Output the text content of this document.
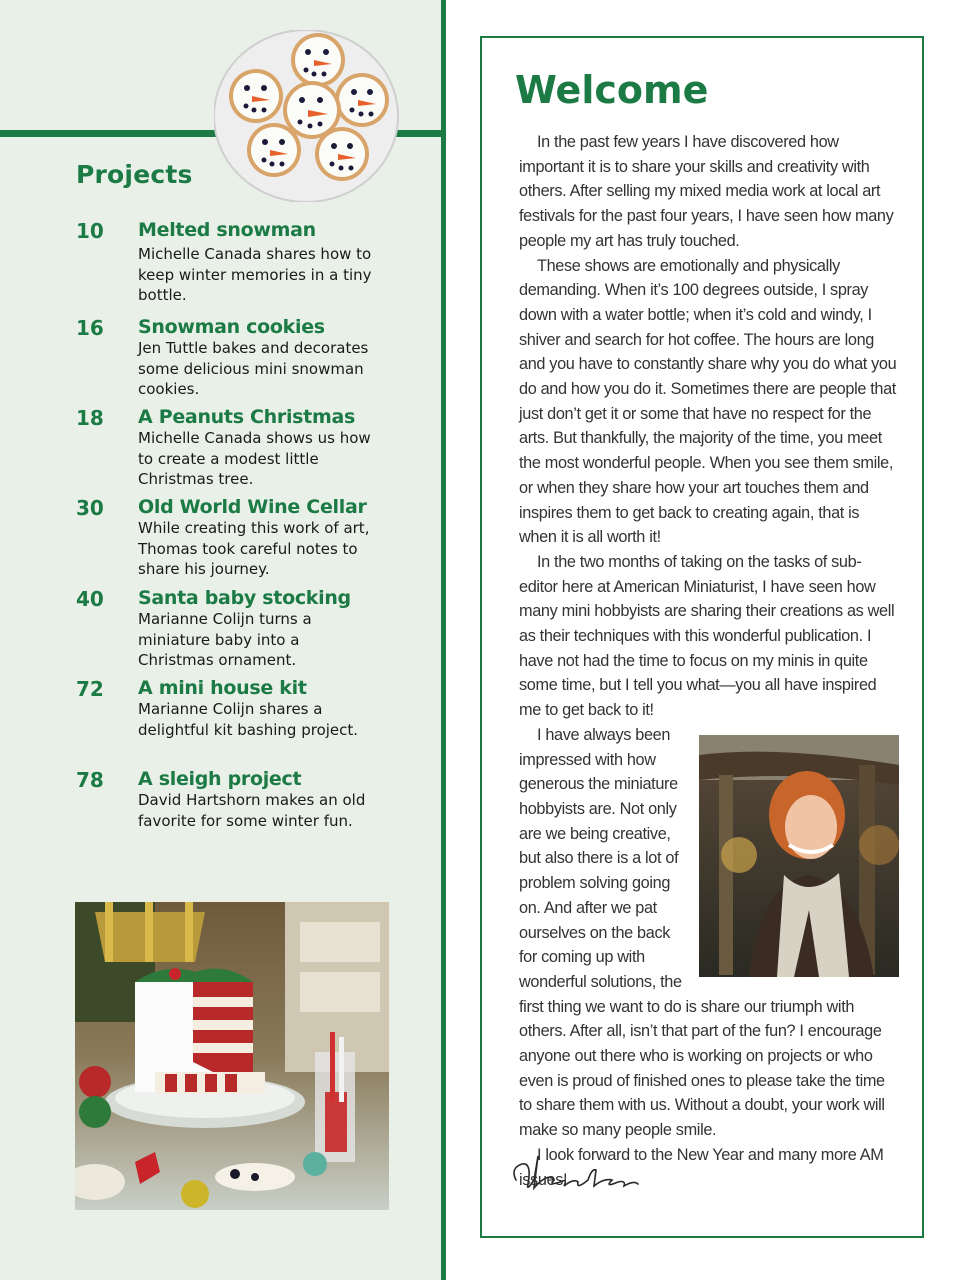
Projects
10 Melted snowman
Michelle Canada shares how to keep winter memories in a tiny bottle.
16 Snowman cookies
Jen Tuttle bakes and decorates some delicious mini snowman cookies.
18 A Peanuts Christmas
Michelle Canada shows us how to create a modest little Christmas tree.
30 Old World Wine Cellar
While creating this work of art, Thomas took careful notes to share his journey.
40 Santa baby stocking
Marianne Colijn turns a miniature baby into a Christmas ornament.
72 A mini house kit
Marianne Colijn shares a delightful kit bashing project.
78 A sleigh project
David Hartshorn makes an old favorite for some winter fun.
Welcome

In the past few years I have discovered how important it is to share your skills and creativity with others. After selling my mixed media work at local art festivals for the past four years, I have seen how many people my art has truly touched.

These shows are emotionally and physically demanding. When it’s 100 degrees outside, I spray down with a water bottle; when it’s cold and windy, I shiver and search for hot coffee. The hours are long and you have to constantly share why you do what you do and how you do it. Sometimes there are people that just don’t get it or some that have no respect for the arts. But thankfully, the majority of the time, you meet the most wonderful people. When you see them smile, or when they share how your art touches them and inspires them to get back to creating again, that is when it is all worth it!

In the two months of taking on the tasks of sub-editor here at American Miniaturist, I have seen how many mini hobbyists are sharing their creations as well as their techniques with this wonderful publication. I have not had the time to focus on my minis in quite some time, but I tell you what—you all have inspired me to get back to it!

I have always been impressed with how generous the miniature hobbyists are. Not only are we being creative, but also there is a lot of problem solving going on. And after we pat ourselves on the back for coming up with wonderful solutions, the first thing we want to do is share our triumph with others. After all, isn’t that part of the fun? I encourage anyone out there who is working on projects or who even is proud of finished ones to please take the time to share them with us. Without a doubt, your work will make so many people smile.

I look forward to the New Year and many more AM issues!
